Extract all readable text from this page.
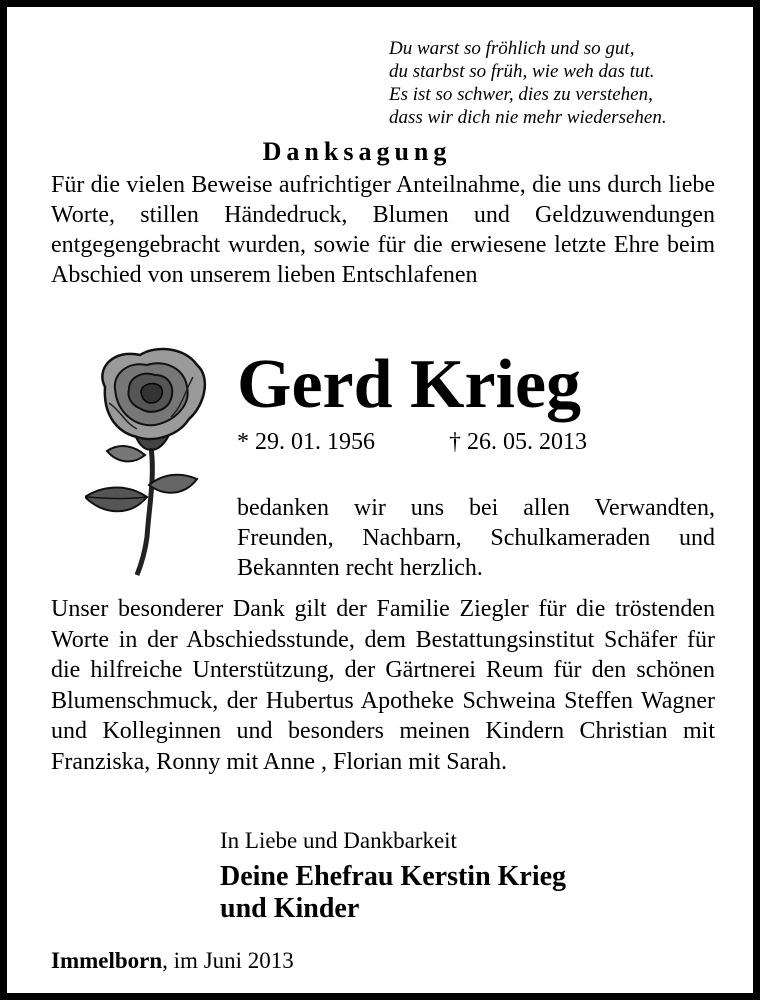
Du warst so fröhlich und so gut,
du starbst so früh, wie weh das tut.
Es ist so schwer, dies zu verstehen,
dass wir dich nie mehr wiedersehen.
Danksagung
Für die vielen Beweise aufrichtiger Anteilnahme, die uns durch liebe Worte, stillen Händedruck, Blumen und Geldzuwendungen entgegengebracht wurden, sowie für die erwiesene letzte Ehre beim Abschied von unserem lieben Entschlafenen
Gerd Krieg
* 29. 01. 1956	† 26. 05. 2013
bedanken wir uns bei allen Verwandten, Freunden, Nachbarn, Schulkameraden und Bekannten recht herzlich.
Unser besonderer Dank gilt der Familie Ziegler für die tröstenden Worte in der Abschiedsstunde, dem Bestattungsinstitut Schäfer für die hilfreiche Unterstützung, der Gärtnerei Reum für den schönen Blumenschmuck, der Hubertus Apotheke Schweina Steffen Wagner und Kolleginnen und besonders meinen Kindern Christian mit Franziska, Ronny mit Anne , Florian mit Sarah.
In Liebe und Dankbarkeit
Deine Ehefrau Kerstin Krieg
und Kinder
Immelborn, im Juni 2013
